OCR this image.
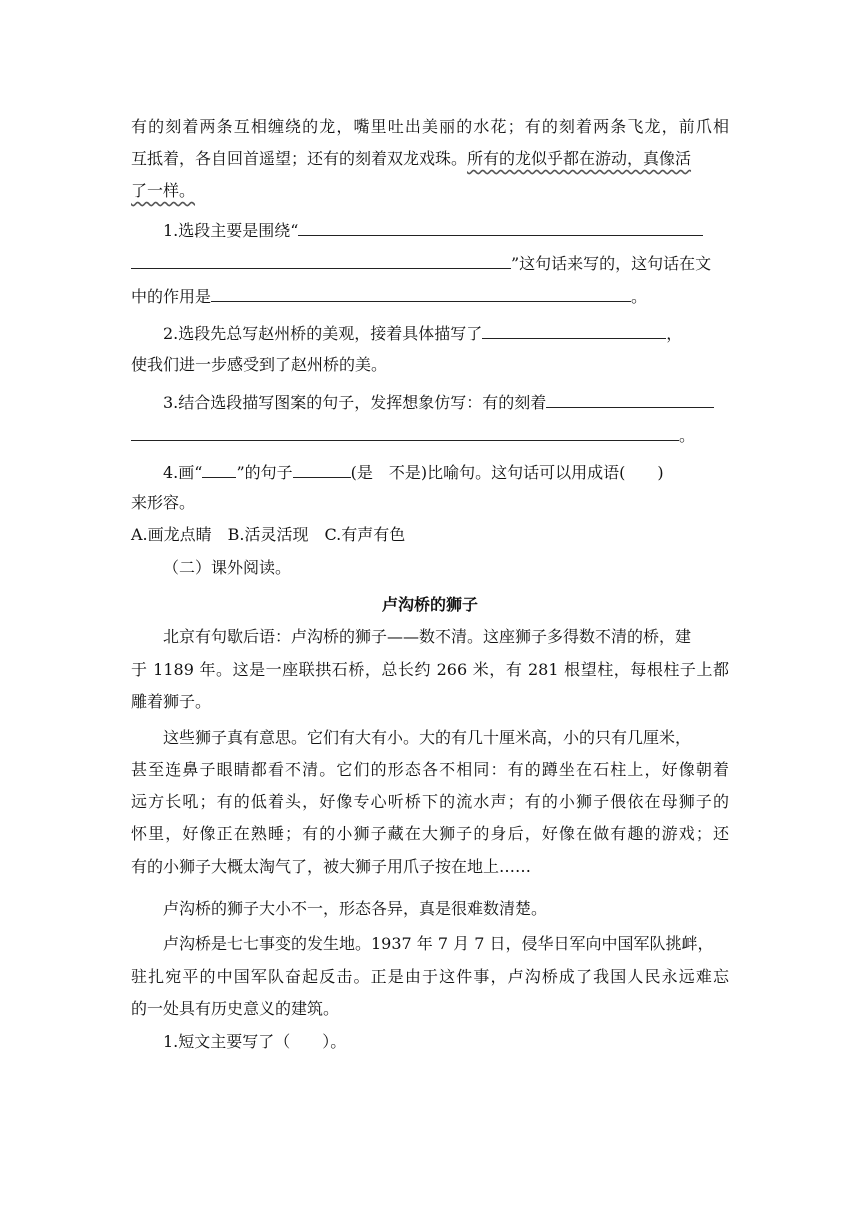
有的刻着两条互相缠绕的龙，嘴里吐出美丽的水花；有的刻着两条飞龙，前爪相
互抵着，各自回首遥望；还有的刻着双龙戏珠。所有的龙似乎都在游动，真像活
了一样。
1.选段主要是围绕“
”这句话来写的，这句话在文
中的作用是	。
2.选段先总写赵州桥的美观，接着具体描写了	，
使我们进一步感受到了赵州桥的美。
3.结合选段描写图案的句子，发挥想象仿写：有的刻着
。
4.画“ ”的句子	(是　不是)比喻句。这句话可以用成语(　　)
来形容。
A.画龙点睛　B.活灵活现　C.有声有色
（二）课外阅读。
卢沟桥的狮子
北京有句歇后语：卢沟桥的狮子——数不清。这座狮子多得数不清的桥，建
于 1189 年。这是一座联拱石桥，总长约 266 米，有 281 根望柱，每根柱子上都
雕着狮子。
这些狮子真有意思。它们有大有小。大的有几十厘米高，小的只有几厘米，
甚至连鼻子眼睛都看不清。它们的形态各不相同：有的蹲坐在石柱上，好像朝着
远方长吼；有的低着头，好像专心听桥下的流水声；有的小狮子偎依在母狮子的
怀里，好像正在熟睡；有的小狮子藏在大狮子的身后，好像在做有趣的游戏；还
有的小狮子大概太淘气了，被大狮子用爪子按在地上……
卢沟桥的狮子大小不一，形态各异，真是很难数清楚。
卢沟桥是七七事变的发生地。1937 年 7 月 7 日，侵华日军向中国军队挑衅，
驻扎宛平的中国军队奋起反击。正是由于这件事，卢沟桥成了我国人民永远难忘
的一处具有历史意义的建筑。
1.短文主要写了（　　）。
